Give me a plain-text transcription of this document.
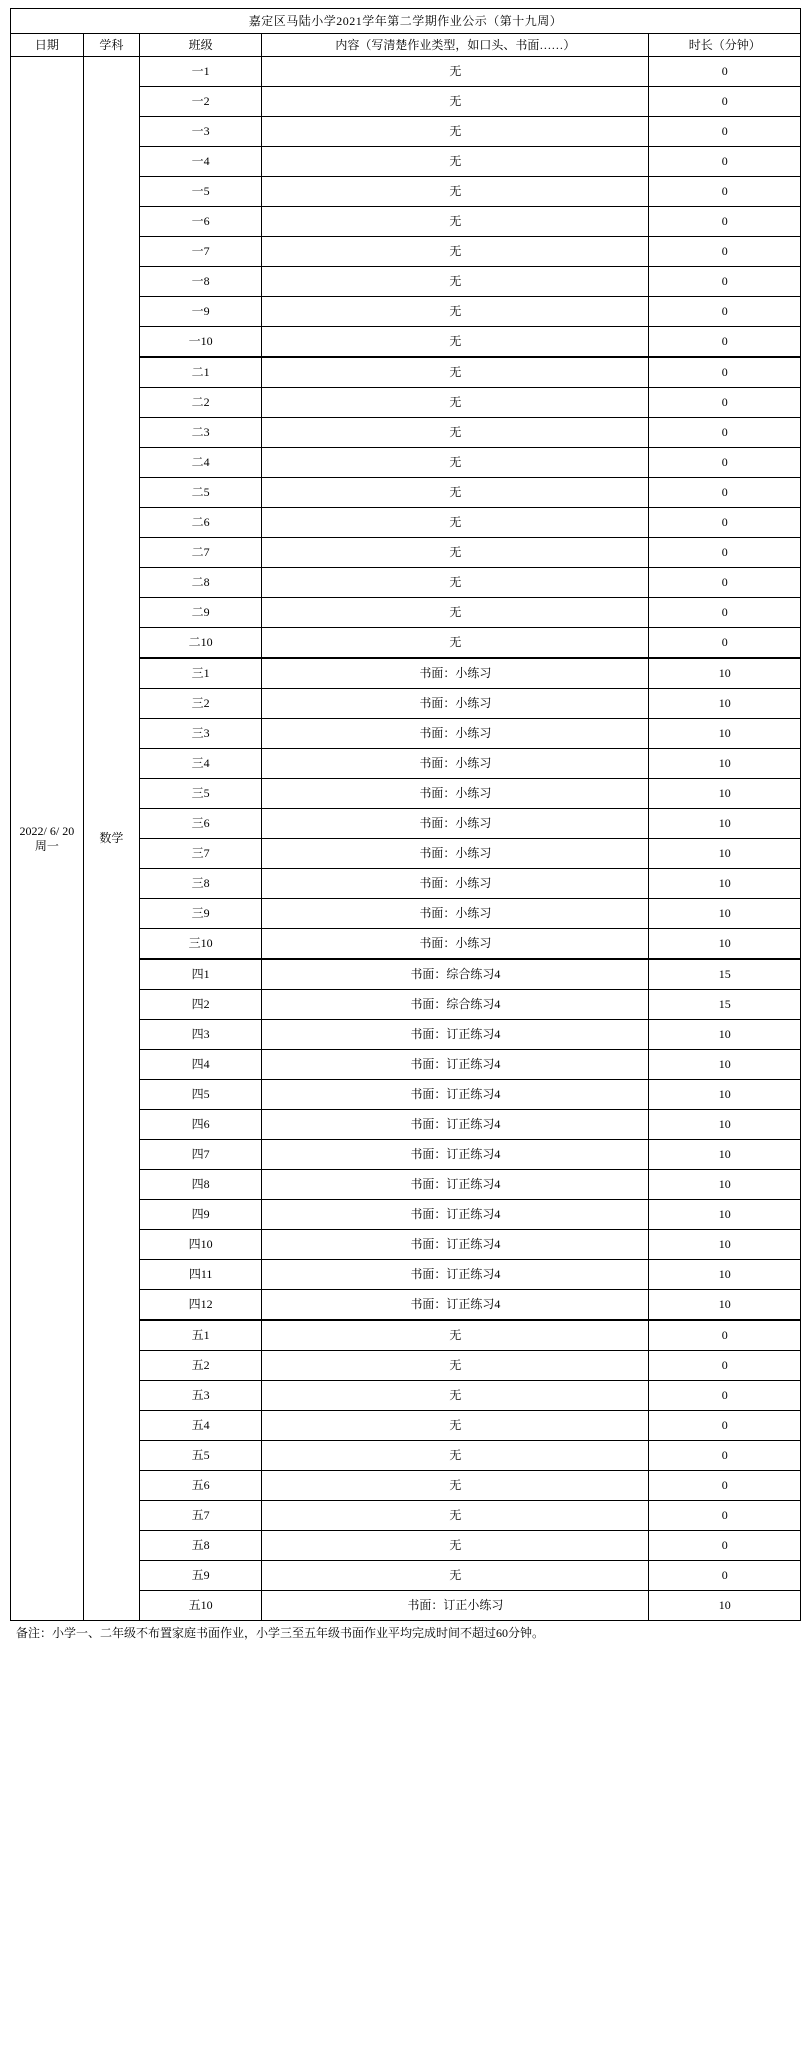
嘉定区马陆小学2021学年第二学期作业公示（第十九周）				
日期	学科	班级	内容（写清楚作业类型，如口头、书面……）	时长（分钟）

2022/ 6/ 20
周一	数学	一1	无	0
		一2	无	0
		一3	无	0
		一4	无	0
		一5	无	0
		一6	无	0
		一7	无	0
		一8	无	0
		一9	无	0
		一10	无	0
		二1	无	0
		二2	无	0
		二3	无	0
		二4	无	0
		二5	无	0
		二6	无	0
		二7	无	0
		二8	无	0
		二9	无	0
		二10	无	0
		三1	书面：小练习	10
		三2	书面：小练习	10
		三3	书面：小练习	10
		三4	书面：小练习	10
		三5	书面：小练习	10
		三6	书面：小练习	10
		三7	书面：小练习	10
		三8	书面：小练习	10
		三9	书面：小练习	10
		三10	书面：小练习	10
		四1	书面：综合练习4	15
		四2	书面：综合练习4	15
		四3	书面：订正练习4	10
		四4	书面：订正练习4	10
		四5	书面：订正练习4	10
		四6	书面：订正练习4	10
		四7	书面：订正练习4	10
		四8	书面：订正练习4	10
		四9	书面：订正练习4	10
		四10	书面：订正练习4	10
		四11	书面：订正练习4	10
		四12	书面：订正练习4	10
		五1	无	0
		五2	无	0
		五3	无	0
		五4	无	0
		五5	无	0
		五6	无	0
		五7	无	0
		五8	无	0
		五9	无	0
		五10	书面：订正小练习	10
备注：小学一、二年级不布置家庭书面作业，小学三至五年级书面作业平均完成时间不超过60分钟。
